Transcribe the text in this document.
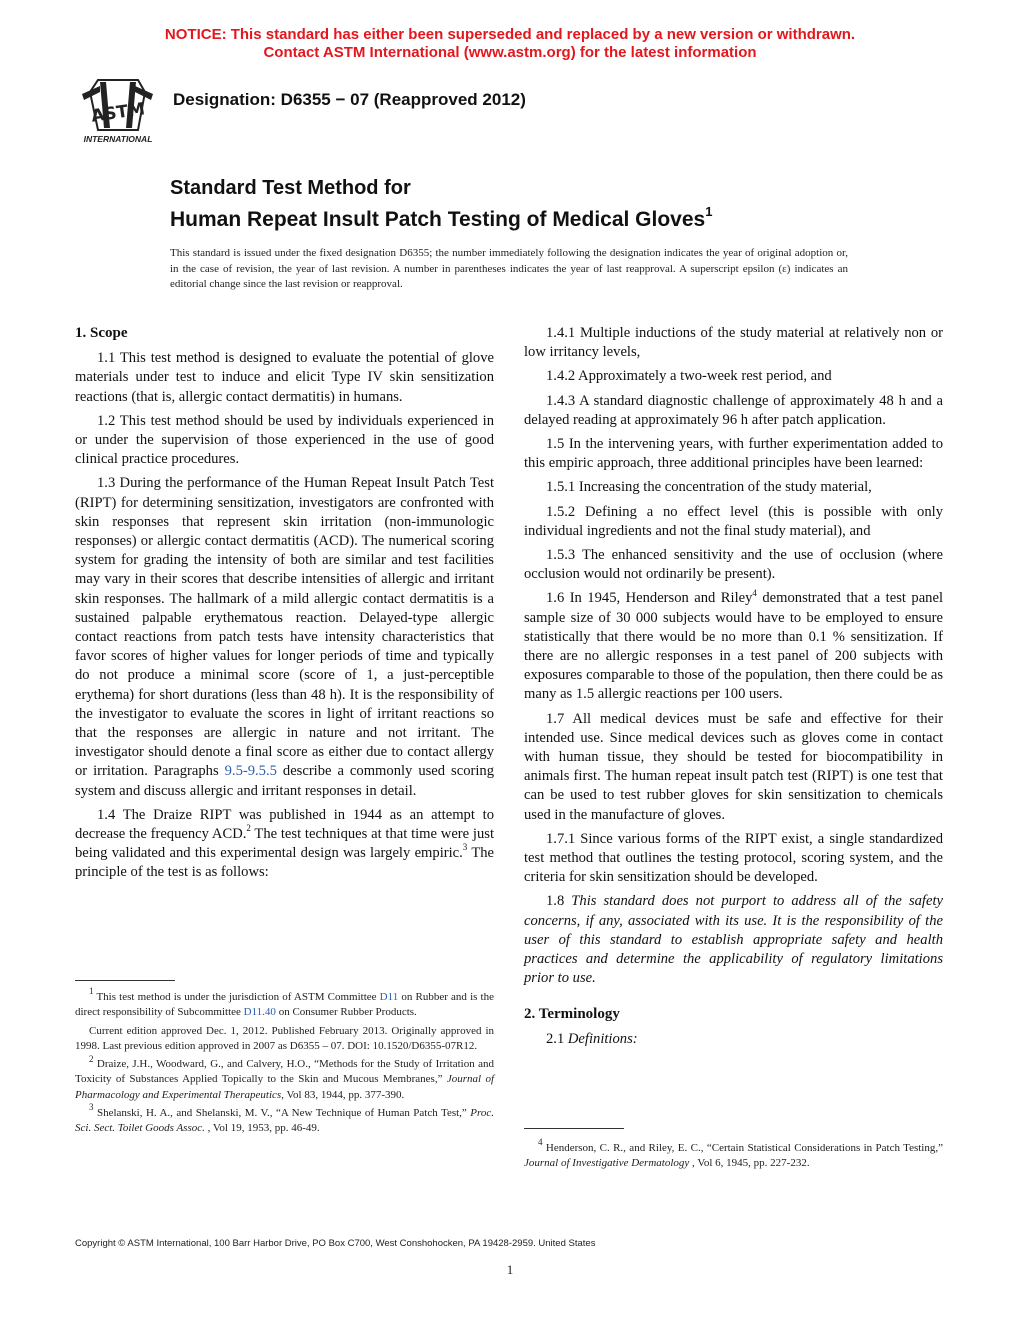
NOTICE: This standard has either been superseded and replaced by a new version or withdrawn.
Contact ASTM International (www.astm.org) for the latest information
ASTM
INTERNATIONAL
Designation: D6355 − 07 (Reapproved 2012)
Standard Test Method for
Human Repeat Insult Patch Testing of Medical Gloves$^1$
This standard is issued under the fixed designation D6355; the number immediately following the designation indicates the year of original adoption or, in the case of revision, the year of last revision. A number in parentheses indicates the year of last reapproval. A superscript epsilon (ε) indicates an editorial change since the last revision or reapproval.
1. Scope

1.1 This test method is designed to evaluate the potential of glove materials under test to induce and elicit Type IV skin sensitization reactions (that is, allergic contact dermatitis) in humans.

1.2 This test method should be used by individuals experienced in or under the supervision of those experienced in the use of good clinical practice procedures.

1.3 During the performance of the Human Repeat Insult Patch Test (RIPT) for determining sensitization, investigators are confronted with skin responses that represent skin irritation (non-immunologic responses) or allergic contact dermatitis (ACD). The numerical scoring system for grading the intensity of both are similar and test facilities may vary in their scores that describe intensities of allergic and irritant skin responses. The hallmark of a mild allergic contact dermatitis is a sustained palpable erythematous reaction. Delayed-type allergic contact reactions from patch tests have intensity characteristics that favor scores of higher values for longer periods of time and typically do not produce a minimal score (score of 1, a just-perceptible erythema) for short durations (less than 48 h). It is the responsibility of the investigator to evaluate the scores in light of irritant reactions so that the responses are allergic in nature and not irritant. The investigator should denote a final score as either due to contact allergy or irritation. Paragraphs 9.5-9.5.5 describe a commonly used scoring system and discuss allergic and irritant responses in detail.

1.4 The Draize RIPT was published in 1944 as an attempt to decrease the frequency ACD.$^2$ The test techniques at that time were just being validated and this experimental design was largely empiric.$^3$ The principle of the test is as follows:

1.4.1 Multiple inductions of the study material at relatively non or low irritancy levels,

1.4.2 Approximately a two-week rest period, and

1.4.3 A standard diagnostic challenge of approximately 48 h and a delayed reading at approximately 96 h after patch application.

1.5 In the intervening years, with further experimentation added to this empiric approach, three additional principles have been learned:

1.5.1 Increasing the concentration of the study material,

1.5.2 Defining a no effect level (this is possible with only individual ingredients and not the final study material), and

1.5.3 The enhanced sensitivity and the use of occlusion (where occlusion would not ordinarily be present).

1.6 In 1945, Henderson and Riley$^4$ demonstrated that a test panel sample size of 30 000 subjects would have to be employed to ensure statistically that there would be no more than 0.1 % sensitization. If there are no allergic responses in a test panel of 200 subjects with exposures comparable to those of the population, then there could be as many as 1.5 allergic reactions per 100 users.

1.7 All medical devices must be safe and effective for their intended use. Since medical devices such as gloves come in contact with human tissue, they should be tested for biocompatibility in animals first. The human repeat insult patch test (RIPT) is one test that can be used to test rubber gloves for skin sensitization to chemicals used in the manufacture of gloves.

1.7.1 Since various forms of the RIPT exist, a single standardized test method that outlines the testing protocol, scoring system, and the criteria for skin sensitization should be developed.

1.8 This standard does not purport to address all of the safety concerns, if any, associated with its use. It is the responsibility of the user of this standard to establish appropriate safety and health practices and determine the applicability of regulatory limitations prior to use.

2. Terminology

2.1 Definitions:

$^1$ This test method is under the jurisdiction of ASTM Committee D11 on Rubber and is the direct responsibility of Subcommittee D11.40 on Consumer Rubber Products.

Current edition approved Dec. 1, 2012. Published February 2013. Originally approved in 1998. Last previous edition approved in 2007 as D6355 – 07. DOI: 10.1520/D6355-07R12.

$^2$ Draize, J.H., Woodward, G., and Calvery, H.O., “Methods for the Study of Irritation and Toxicity of Substances Applied Topically to the Skin and Mucous Membranes,” Journal of Pharmacology and Experimental Therapeutics, Vol 83, 1944, pp. 377-390.

$^3$ Shelanski, H. A., and Shelanski, M. V., “A New Technique of Human Patch Test,” Proc. Sci. Sect. Toilet Goods Assoc. , Vol 19, 1953, pp. 46-49.

$^4$ Henderson, C. R., and Riley, E. C., “Certain Statistical Considerations in Patch Testing,” Journal of Investigative Dermatology , Vol 6, 1945, pp. 227-232.

Copyright © ASTM International, 100 Barr Harbor Drive, PO Box C700, West Conshohocken, PA 19428-2959. United States
1
